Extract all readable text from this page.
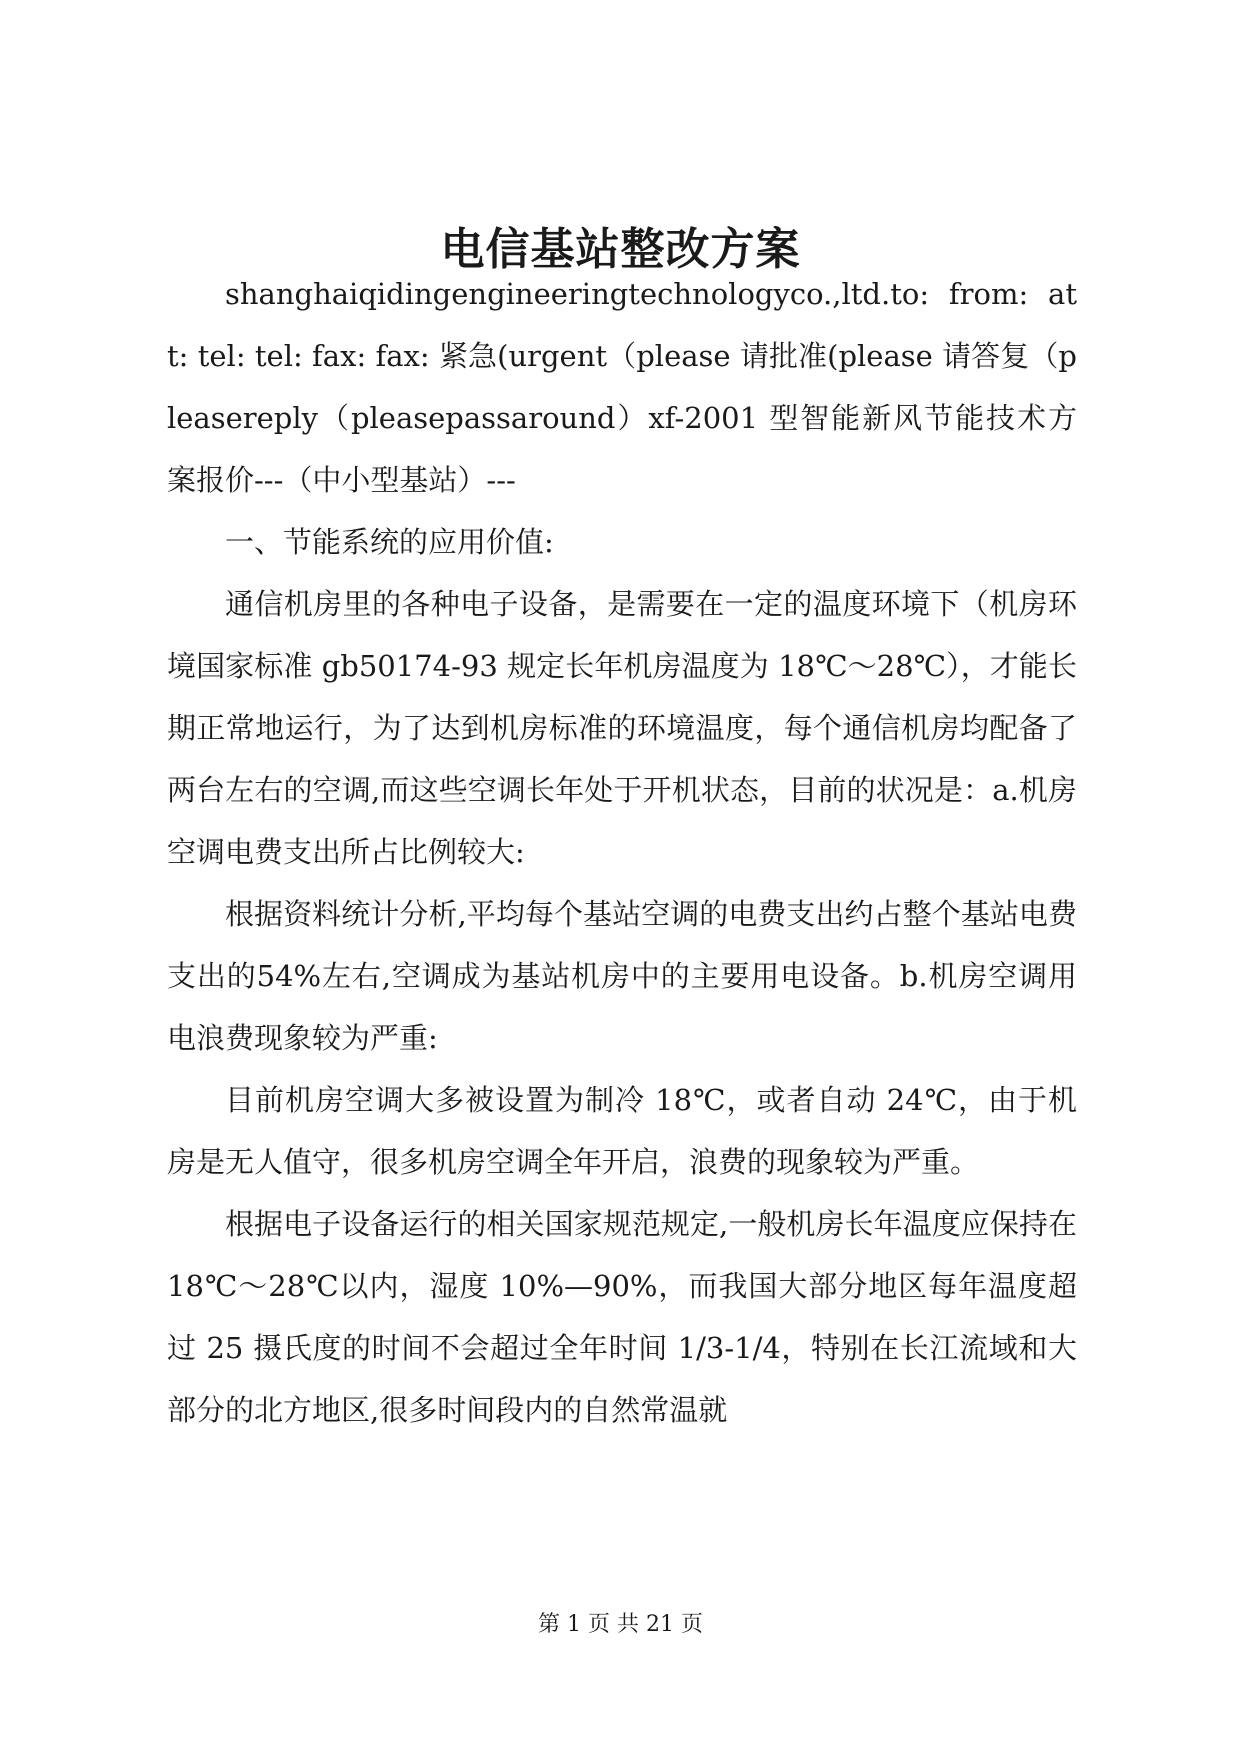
电信基站整改方案

shanghaiqidingengineeringtechnologyco.,ltd.to: from: att: tel: tel: fax: fax: 紧急(urgent（please 请批准(please 请答复（pleasereply（pleasepassaround）xf-2001 型智能新风节能技术方案报价---（中小型基站）---

一、节能系统的应用价值:

通信机房里的各种电子设备，是需要在一定的温度环境下（机房环境国家标准 gb50174-93 规定长年机房温度为 18℃～28℃），才能长期正常地运行，为了达到机房标准的环境温度，每个通信机房均配备了两台左右的空调,而这些空调长年处于开机状态，目前的状况是：a.机房空调电费支出所占比例较大:

根据资料统计分析,平均每个基站空调的电费支出约占整个基站电费支出的54%左右,空调成为基站机房中的主要用电设备。b.机房空调用电浪费现象较为严重:

目前机房空调大多被设置为制冷 18℃，或者自动 24℃，由于机房是无人值守，很多机房空调全年开启，浪费的现象较为严重。

根据电子设备运行的相关国家规范规定,一般机房长年温度应保持在 18℃～28℃以内，湿度 10%—90%，而我国大部分地区每年温度超过 25 摄氏度的时间不会超过全年时间 1/3-1/4，特别在长江流域和大部分的北方地区,很多时间段内的自然常温就

第 1 页 共 21 页
